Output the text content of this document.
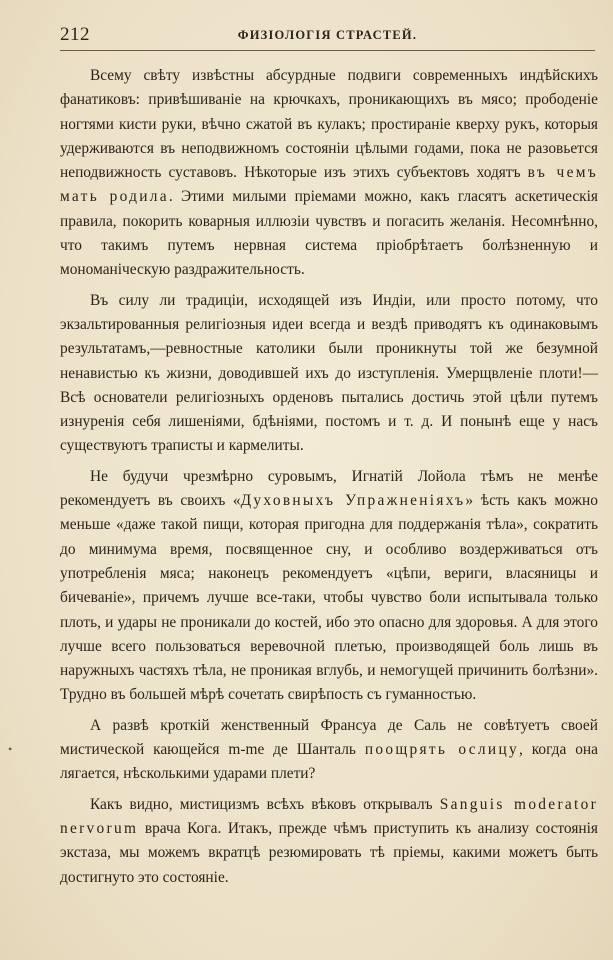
212	ФИЗІОЛОГІЯ СТРАСТЕЙ.
•

Всему свѣту извѣстны абсурдные подвиги современныхъ индѣйскихъ фанатиковъ: привѣшиваніе на крючкахъ, проникающихъ въ мясо; прободеніе ногтями кисти руки, вѣчно сжатой въ кулакъ; простираніе кверху рукъ, которыя удерживаются въ неподвижномъ состояніи цѣлыми годами, пока не разовьется неподвижность суставовъ. Нѣкоторые изъ этихъ субъектовъ ходятъ въ чемъ мать родила. Этими милыми пріемами можно, какъ гласятъ аскетическія правила, покорить коварныя иллюзіи чувствъ и погасить желанія. Несомнѣнно, что такимъ путемъ нервная система пріобрѣтаетъ болѣзненную и мономаніческую раздражительность.

Въ силу ли традиціи, исходящей изъ Индіи, или просто потому, что экзальтированныя религіозныя идеи всегда и вездѣ приводятъ къ одинаковымъ результатамъ,—ревностные католики были проникнуты той же безумной ненавистью къ жизни, доводившей ихъ до изступленія. Умерщвленіе плоти!—Всѣ основатели религіозныхъ орденовъ пытались достичь этой цѣли путемъ изнуренія себя лишеніями, бдѣніями, постомъ и т. д. И понынѣ еще у насъ существуютъ траписты и кармелиты.

Не будучи чрезмѣрно суровымъ, Игнатій Лойола тѣмъ не менѣе рекомендуетъ въ своихъ «Духовныхъ Упражненіяхъ» ѣсть какъ можно меньше «даже такой пищи, которая пригодна для поддержанія тѣла», сократить до минимума время, посвященное сну, и особливо воздерживаться отъ употребленія мяса; наконецъ рекомендуетъ «цѣпи, вериги, власяницы и бичеваніе», причемъ лучше все-таки, чтобы чувство боли испытывала только плоть, и удары не проникали до костей, ибо это опасно для здоровья. А для этого лучше всего пользоваться веревочной плетью, производящей боль лишь въ наружныхъ частяхъ тѣла, не проникая вглубь, и немогущей причинить болѣзни». Трудно въ большей мѣрѣ сочетать свирѣпость съ гуманностью.

А развѣ кроткій женственный Франсуа де Саль не совѣтуетъ своей мистической кающейся m-me де Шанталь поощрять ослицу, когда она лягается, нѣсколькими ударами плети?

Какъ видно, мистицизмъ всѣхъ вѣковъ открывалъ Sanguis moderator nervorum врача Кога. Итакъ, прежде чѣмъ приступить къ анализу состоянія экстаза, мы можемъ вкратцѣ резюмировать тѣ пріемы, какими можетъ быть достигнуто это состояніе.
